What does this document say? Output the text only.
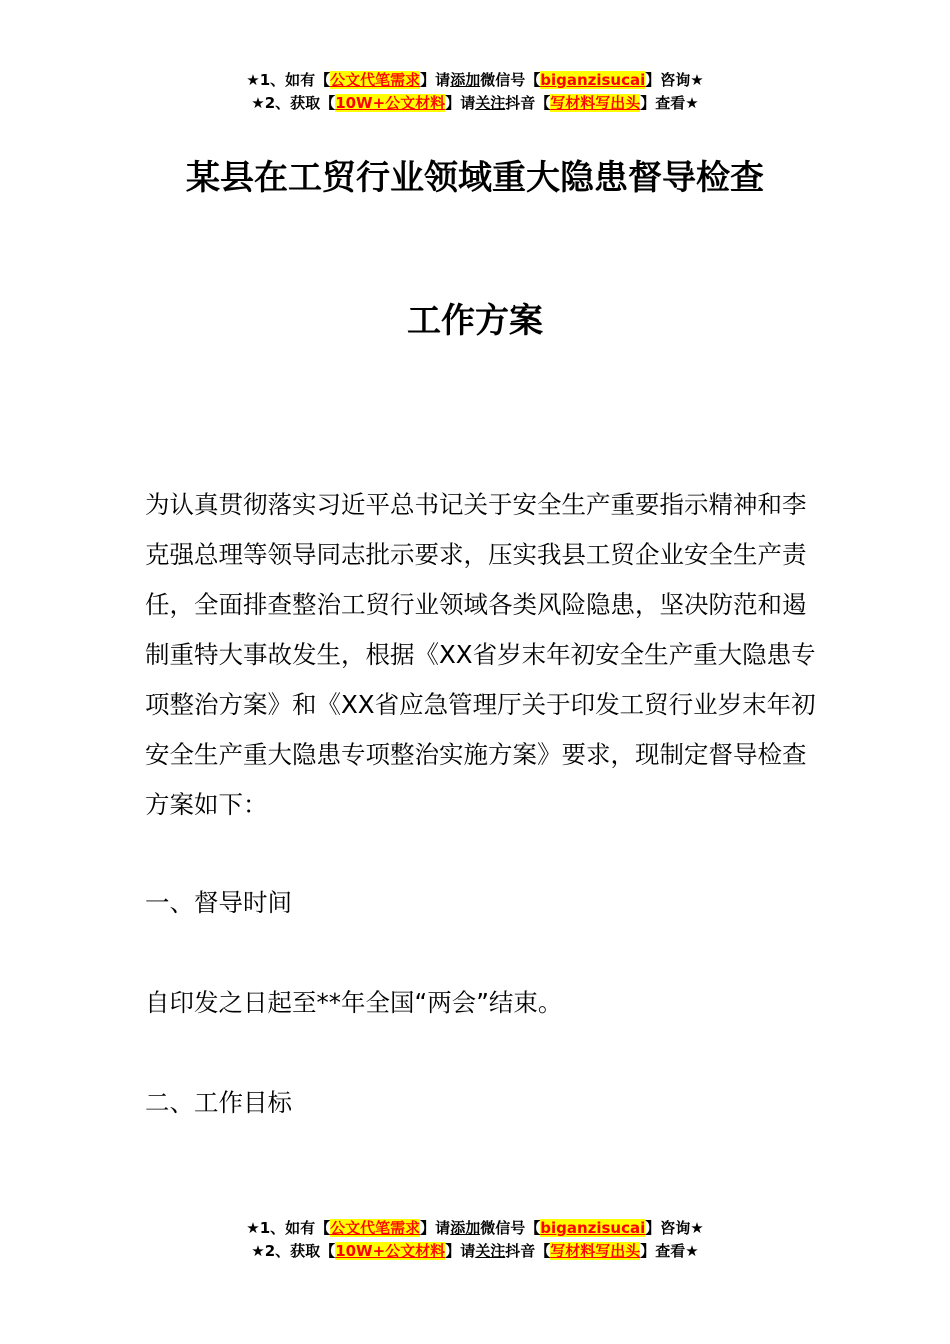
★1、如有【公文代笔需求】请添加微信号【biganzisucai】咨询★
★2、获取【10W+公文材料】请关注抖音【写材料写出头】查看★
某县在工贸行业领域重大隐患督导检查
工作方案
为认真贯彻落实习近平总书记关于安全生产重要指示精神和李克强总理等领导同志批示要求，压实我县工贸企业安全生产责任，全面排查整治工贸行业领域各类风险隐患，坚决防范和遏制重特大事故发生，根据《XX省岁末年初安全生产重大隐患专项整治方案》和《XX省应急管理厅关于印发工贸行业岁末年初安全生产重大隐患专项整治实施方案》要求，现制定督导检查方案如下：
一、督导时间
自印发之日起至**年全国“两会”结束。
二、工作目标
★1、如有【公文代笔需求】请添加微信号【biganzisucai】咨询★
★2、获取【10W+公文材料】请关注抖音【写材料写出头】查看★
